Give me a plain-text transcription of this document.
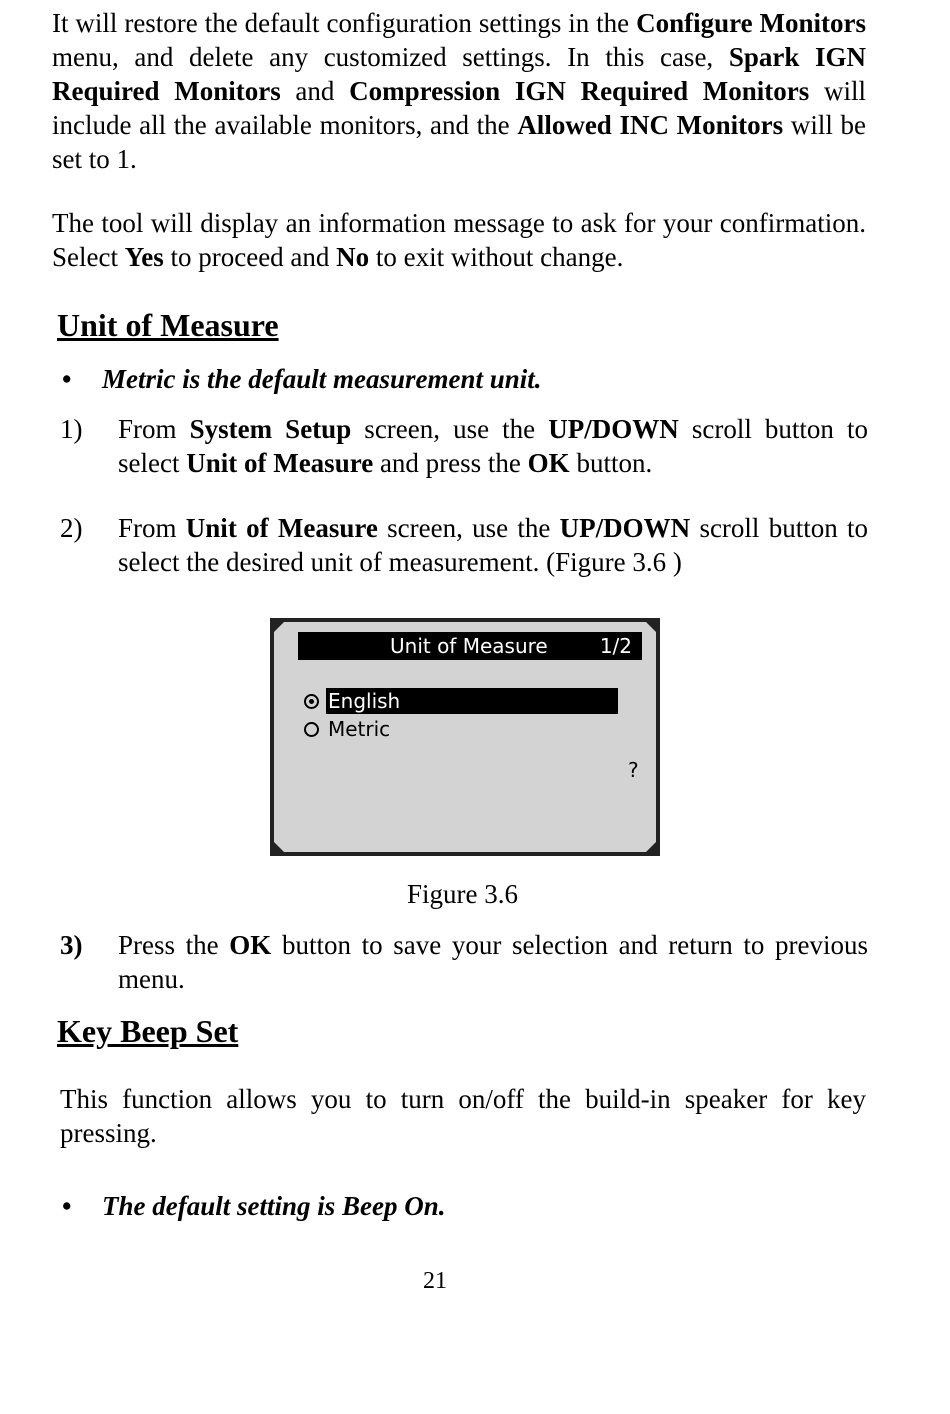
It will restore the default configuration settings in the Configure Monitors menu, and delete any customized settings. In this case, Spark IGN Required Monitors and Compression IGN Required Monitors will include all the available monitors, and the Allowed INC Monitors will be set to 1.

The tool will display an information message to ask for your confirmation. Select Yes to proceed and No to exit without change.

Unit of Measure
• Metric is the default measurement unit.
1) From System Setup screen, use the UP/DOWN scroll button to select Unit of Measure and press the OK button.
2) From Unit of Measure screen, use the UP/DOWN scroll button to select the desired unit of measurement. (Figure 3.6 )
Unit of Measure	1/2
English
Metric
?
Figure 3.6
3) Press the OK button to save your selection and return to previous menu.
Key Beep Set

This function allows you to turn on/off the build-in speaker for key pressing.

• The default setting is Beep On.
21
